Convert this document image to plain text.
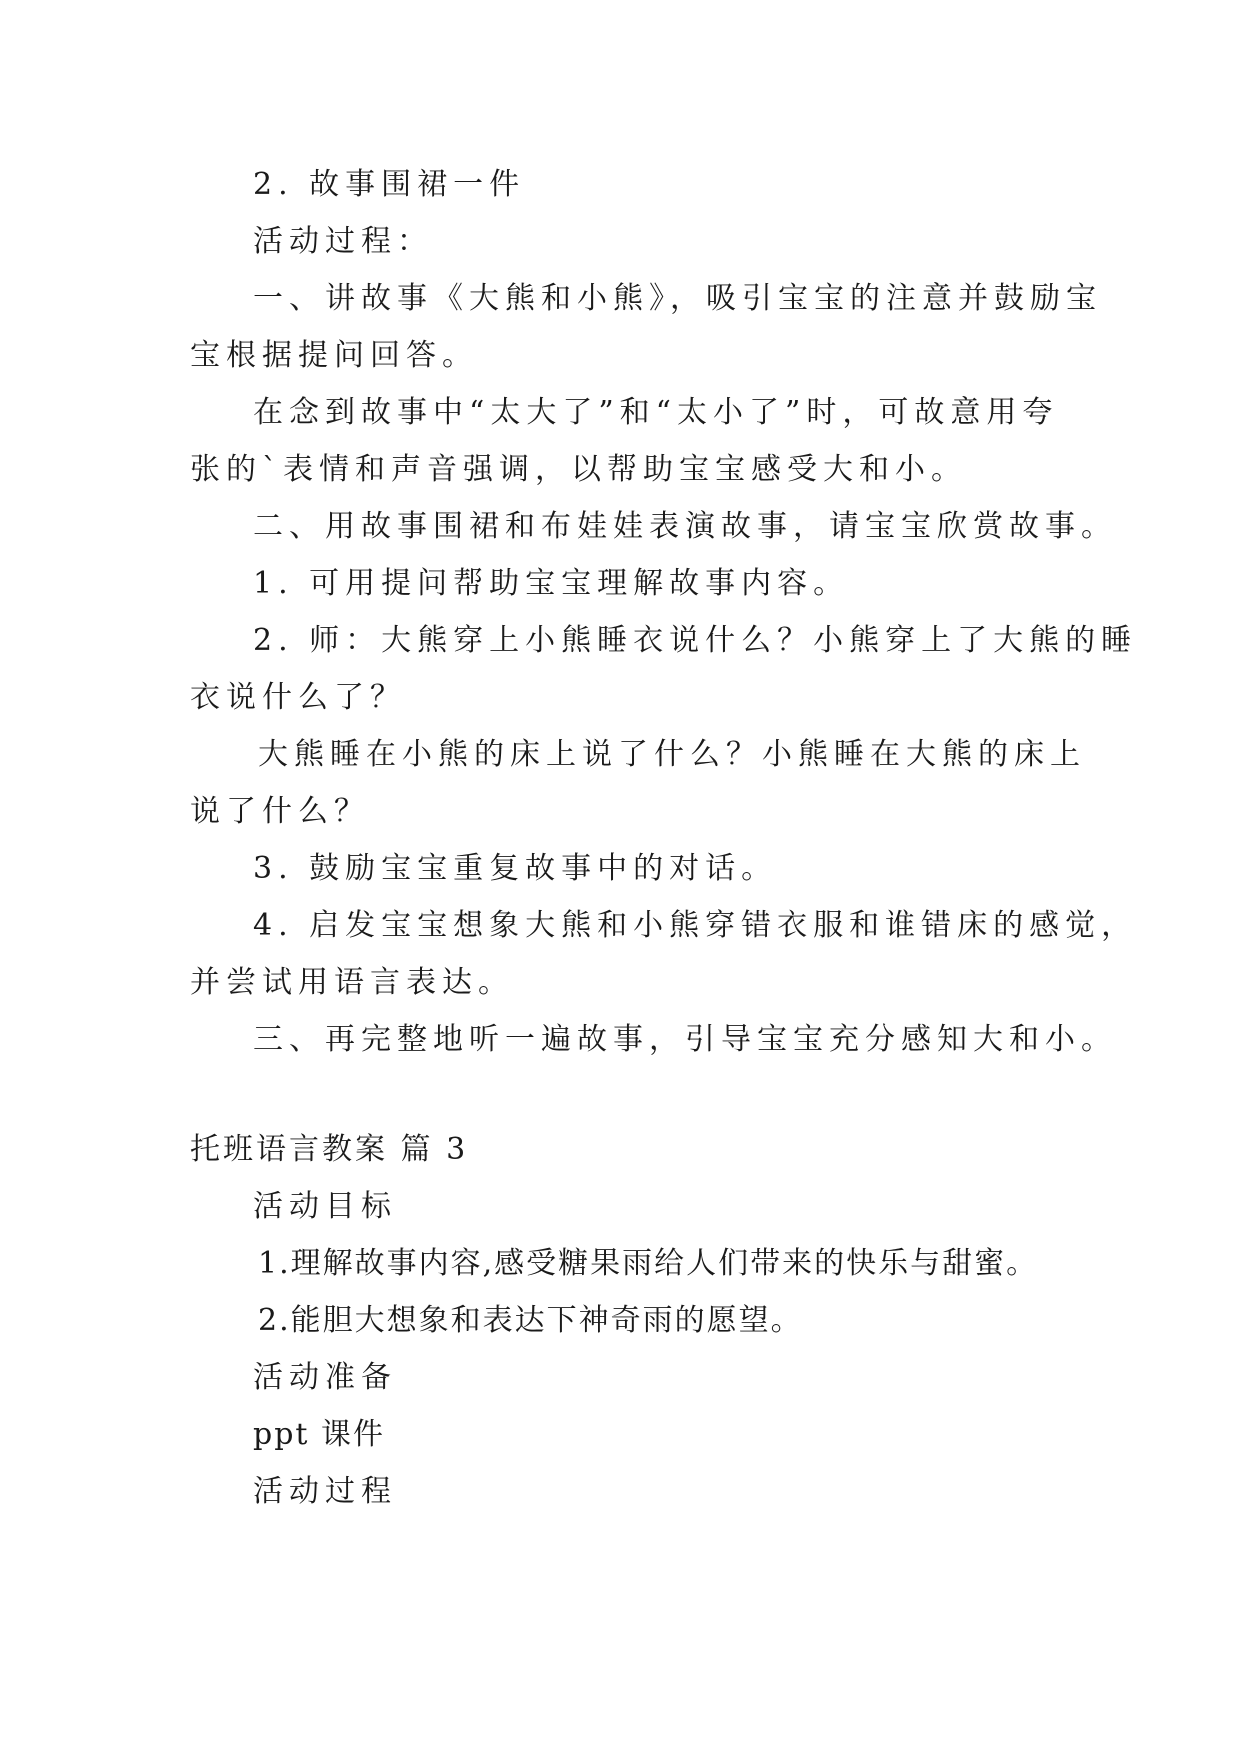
2. 故事围裙一件
活动过程：
一、讲故事《大熊和小熊》，吸引宝宝的注意并鼓励宝
宝根据提问回答。
在念到故事中“太大了”和“太小了”时，可故意用夸
张的`表情和声音强调，以帮助宝宝感受大和小。
二、用故事围裙和布娃娃表演故事，请宝宝欣赏故事。
1. 可用提问帮助宝宝理解故事内容。
2. 师：大熊穿上小熊睡衣说什么？小熊穿上了大熊的睡
衣说什么了？
大熊睡在小熊的床上说了什么？小熊睡在大熊的床上
说了什么？
3. 鼓励宝宝重复故事中的对话。
4. 启发宝宝想象大熊和小熊穿错衣服和谁错床的感觉，
并尝试用语言表达。
三、再完整地听一遍故事，引导宝宝充分感知大和小。
托班语言教案 篇 3
活动目标
1.理解故事内容,感受糖果雨给人们带来的快乐与甜蜜。
2.能胆大想象和表达下神奇雨的愿望。
活动准备
ppt 课件
活动过程
